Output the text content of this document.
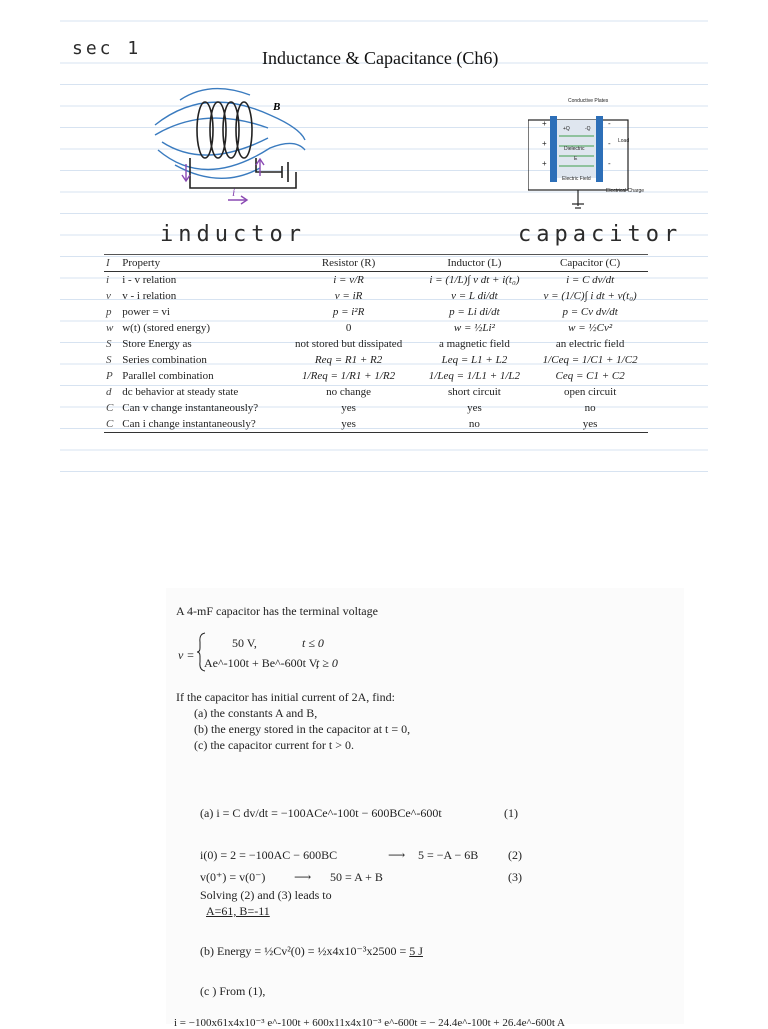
sec 1	Inductance & Capacitance (Ch6)
B
i
inductor
Conductive Plates
+Q	-Q
Dielectric
E
Electric Field
Load
Electrical Charge
+
+
+
-
-
-
capacitor
I	Property	Resistor (R)	Inductor (L)	Capacitor (C)
i	i - v relation	i = v/R	i = (1/L)∫ v dt + i(t₀)	i = C dv/dt
v	v - i relation	v = iR	v = L di/dt	v = (1/C)∫ i dt + v(t₀)
p	power = vi	p = i²R	p = Li di/dt	p = Cv dv/dt
w	w(t) (stored energy)	0	w = ½Li²	w = ½Cv²
S	Store Energy as	not stored but dissipated	a magnetic field	an electric field
S	Series combination	Req = R1 + R2	Leq = L1 + L2	1/Ceq = 1/C1 + 1/C2
P	Parallel combination	1/Req = 1/R1 + 1/R2	1/Leq = 1/L1 + 1/L2	Ceq = C1 + C2
d	dc behavior at steady state	no change	short circuit	open circuit
C	Can v change instantaneously?	yes	yes	no
C	Can i change instantaneously?	yes	no	yes

A 4-mF capacitor has the terminal voltage

v =

50 V,	t ≤ 0

Ae^-100t + Be^-600t V,

t ≥ 0

If the capacitor has initial current of 2A, find:

(a) the constants A and B,

(b) the energy stored in the capacitor at t = 0,

(c) the capacitor current for t > 0.

(a) i = C dv/dt = −100ACe^-100t − 600BCe^-600t	(1)

i(0) = 2 = −100AC − 600BC	⟶ 5 = −A − 6B (2)

v(0⁺) = v(0⁻) ⟶ 50 = A + B	(3)

Solving (2) and (3) leads to

A=61, B=-11

(b) Energy = ½Cv²(0) = ½x4x10⁻³x2500 = 5 J

(c ) From (1),

i = −100x61x4x10⁻³ e^-100t + 600x11x4x10⁻³ e^-600t = − 24.4e^-100t + 26.4e^-600t A
